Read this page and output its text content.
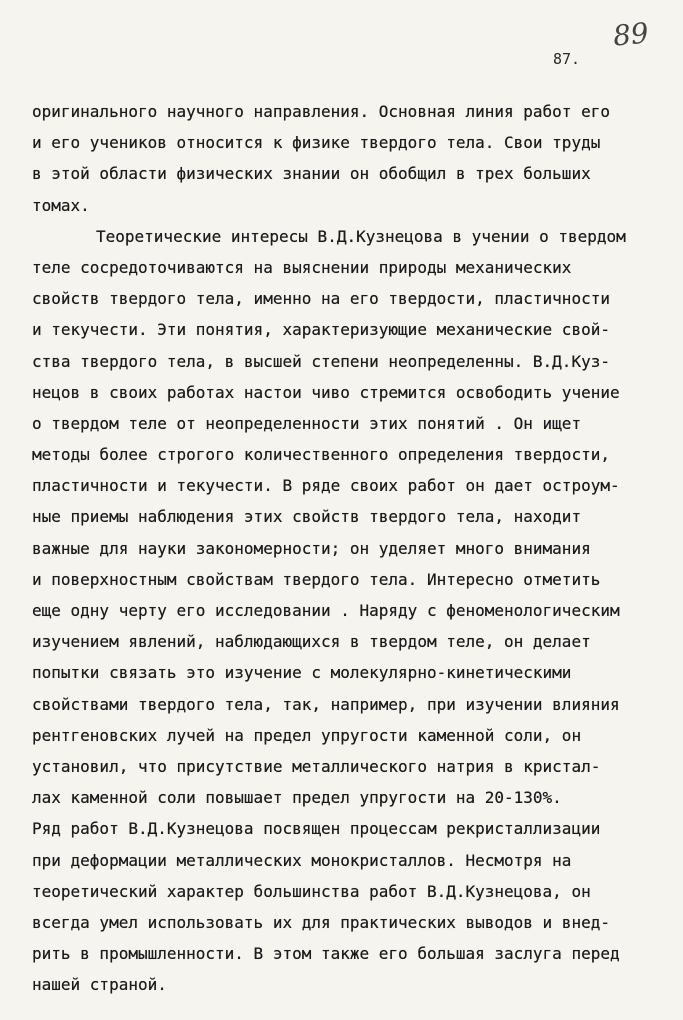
89
87.
оригинального научного направления. Основная линия работ его
и его учеников относится к физике твердого тела. Свои труды
в этой области физических знании он обобщил в трех больших
томах.
Теоретические интересы В.Д.Кузнецова в учении о твердом
теле сосредоточиваются на выяснении природы механических
свойств твердого тела, именно на его твердости, пластичности
и текучести. Эти понятия, характеризующие механические свой-
ства твердого тела, в высшей степени неопределенны. В.Д.Куз-
нецов в своих работах настои чиво стремится освободить учение
о твердом теле от неопределенности этих понятий . Он ищет
методы более строгого количественного определения твердости,
пластичности и текучести. В ряде своих работ он дает остроум-
ные приемы наблюдения этих свойств твердого тела, находит
важные для науки закономерности; он уделяет много внимания
и поверхностным свойствам твердого тела. Интересно отметить
еще одну черту его исследовании . Наряду с феноменологическим
изучением явлений, наблюдающихся в твердом теле, он делает
попытки связать это изучение с молекулярно-кинетическими
свойствами твердого тела, так, например, при изучении влияния
рентгеновских лучей на предел упругости каменной соли, он
установил, что присутствие металлического натрия в кристал-
лах каменной соли повышает предел упругости на 20-130%.
Ряд работ В.Д.Кузнецова посвящен процессам рекристаллизации
при деформации металлических монокристаллов. Несмотря на
теоретический характер большинства работ В.Д.Кузнецова, он
всегда умел использовать их для практических выводов и внед-
рить в промышленности. В этом также его большая заслуга перед
нашей страной.
